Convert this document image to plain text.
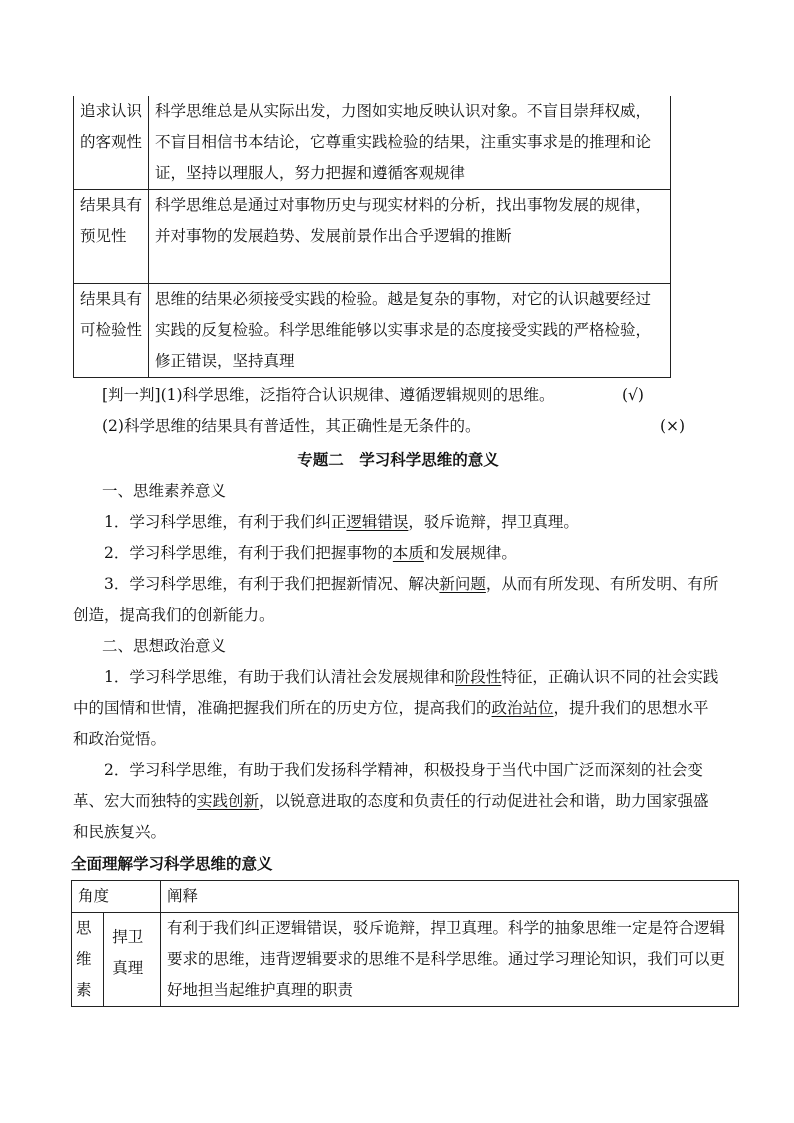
追求认识的客观性	科学思维总是从实际出发，力图如实地反映认识对象。不盲目崇拜权威，不盲目相信书本结论，它尊重实践检验的结果，注重实事求是的推理和论证，坚持以理服人，努力把握和遵循客观规律
结果具有预见性	科学思维总是通过对事物历史与现实材料的分析，找出事物发展的规律，并对事物的发展趋势、发展前景作出合乎逻辑的推断
结果具有可检验性	思维的结果必须接受实践的检验。越是复杂的事物，对它的认识越要经过实践的反复检验。科学思维能够以实事求是的态度接受实践的严格检验，修正错误，坚持真理
[判一判](1)科学思维，泛指符合认识规律、遵循逻辑规则的思维。	(√)
(2)科学思维的结果具有普适性，其正确性是无条件的。	(×)
专题二　学习科学思维的意义
一、思维素养意义
1．学习科学思维，有利于我们纠正逻辑错误，驳斥诡辩，捍卫真理。
2．学习科学思维，有利于我们把握事物的本质和发展规律。
3．学习科学思维，有利于我们把握新情况、解决新问题，从而有所发现、有所发明、有所创造，提高我们的创新能力。
二、思想政治意义
1．学习科学思维，有助于我们认清社会发展规律和阶段性特征，正确认识不同的社会实践中的国情和世情，准确把握我们所在的历史方位，提高我们的政治站位，提升我们的思想水平和政治觉悟。
2．学习科学思维，有助于我们发扬科学精神，积极投身于当代中国广泛而深刻的社会变革、宏大而独特的实践创新，以锐意进取的态度和负责任的行动促进社会和谐，助力国家强盛和民族复兴。
全面理解学习科学思维的意义
角度		阐释
思维素	捍卫真理	有利于我们纠正逻辑错误，驳斥诡辩，捍卫真理。科学的抽象思维一定是符合逻辑要求的思维，违背逻辑要求的思维不是科学思维。通过学习理论知识，我们可以更好地担当起维护真理的职责
